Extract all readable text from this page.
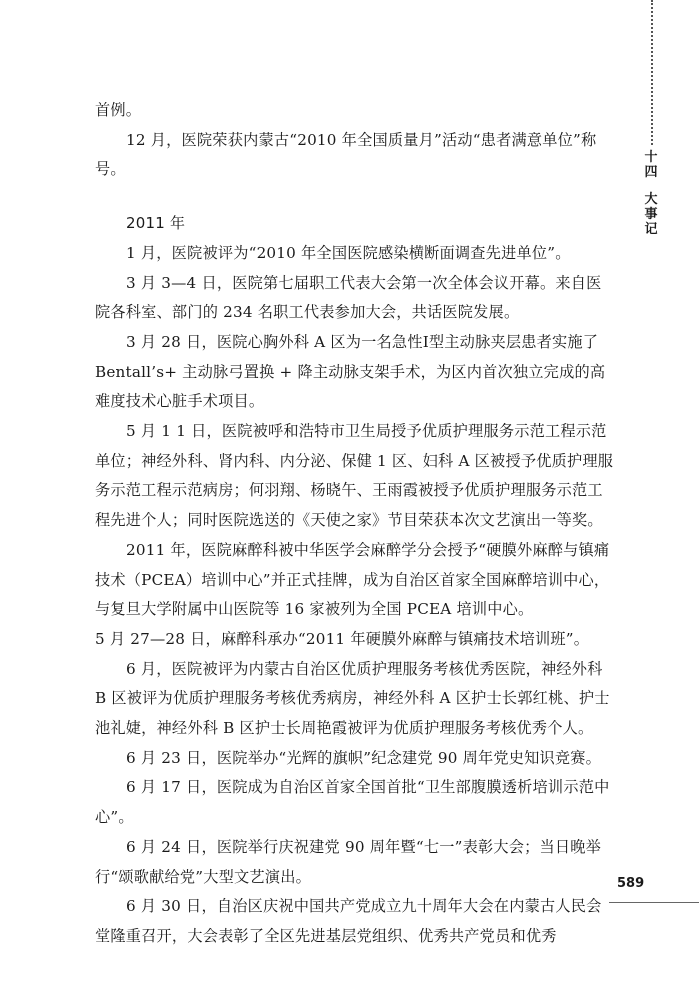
十
四
大
事
记

首例。

12 月，医院荣获内蒙古“2010 年全国质量月”活动“患者满意单位”称号。

2011 年

1 月，医院被评为“2010 年全国医院感染横断面调查先进单位”。

3 月 3—4 日，医院第七届职工代表大会第一次全体会议开幕。来自医院各科室、部门的 234 名职工代表参加大会，共话医院发展。

3 月 28 日，医院心胸外科 A 区为一名急性Ⅰ型主动脉夹层患者实施了 Bentall’s+ 主动脉弓置换 + 降主动脉支架手术，为区内首次独立完成的高难度技术心脏手术项目。

5 月 1 1 日，医院被呼和浩特市卫生局授予优质护理服务示范工程示范单位；神经外科、肾内科、内分泌、保健 1 区、妇科 A 区被授予优质护理服务示范工程示范病房；何羽翔、杨晓午、王雨霞被授予优质护理服务示范工程先进个人；同时医院选送的《天使之家》节目荣获本次文艺演出一等奖。

2011 年，医院麻醉科被中华医学会麻醉学分会授予“硬膜外麻醉与镇痛技术（PCEA）培训中心”并正式挂牌，成为自治区首家全国麻醉培训中心，与复旦大学附属中山医院等 16 家被列为全国 PCEA 培训中心。

5 月 27—28 日，麻醉科承办“2011 年硬膜外麻醉与镇痛技术培训班”。

6 月，医院被评为内蒙古自治区优质护理服务考核优秀医院，神经外科 B 区被评为优质护理服务考核优秀病房，神经外科 A 区护士长郭红桃、护士池礼婕，神经外科 B 区护士长周艳霞被评为优质护理服务考核优秀个人。

6 月 23 日，医院举办“光辉的旗帜”纪念建党 90 周年党史知识竞赛。

6 月 17 日，医院成为自治区首家全国首批“卫生部腹膜透析培训示范中心”。

6 月 24 日，医院举行庆祝建党 90 周年暨“七一”表彰大会；当日晚举行“颂歌献给党”大型文艺演出。

6 月 30 日，自治区庆祝中国共产党成立九十周年大会在内蒙古人民会堂隆重召开，大会表彰了全区先进基层党组织、优秀共产党员和优秀

589
